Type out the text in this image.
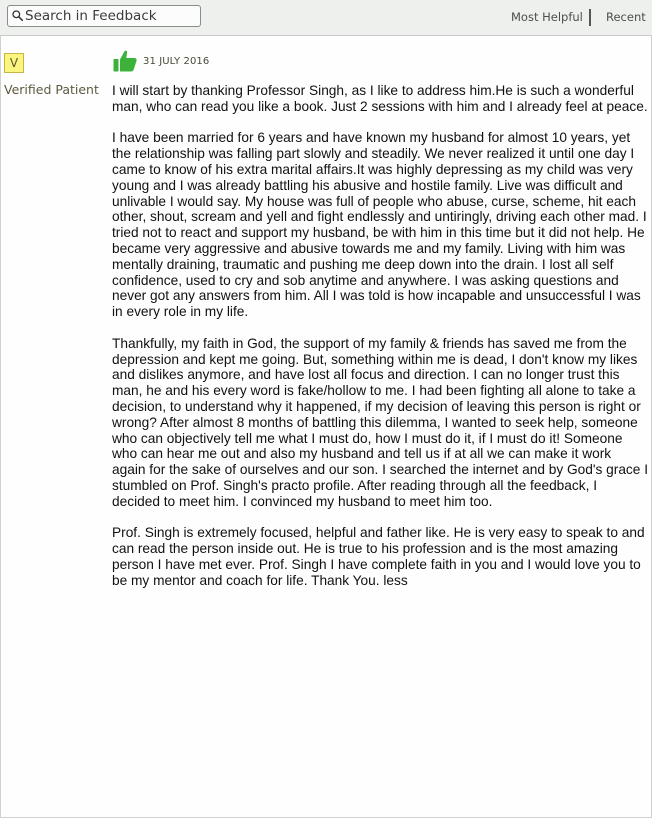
Search in Feedback
Most Helpful Recent
V
Verified Patient
31 JULY 2016

I will start by thanking Professor Singh, as I like to address him.He is such a wonderful man, who can read you like a book. Just 2 sessions with him and I already feel at peace.

I have been married for 6 years and have known my husband for almost 10 years, yet the relationship was falling part slowly and steadily. We never realized it until one day I came to know of his extra marital affairs.It was highly depressing as my child was very young and I was already battling his abusive and hostile family. Live was difficult and unlivable I would say. My house was full of people who abuse, curse, scheme, hit each other, shout, scream and yell and fight endlessly and untiringly, driving each other mad. I tried not to react and support my husband, be with him in this time but it did not help. He became very aggressive and abusive towards me and my family. Living with him was mentally draining, traumatic and pushing me deep down into the drain. I lost all self confidence, used to cry and sob anytime and anywhere. I was asking questions and never got any answers from him. All I was told is how incapable and unsuccessful I was in every role in my life.

Thankfully, my faith in God, the support of my family & friends has saved me from the depression and kept me going. But, something within me is dead, I don't know my likes and dislikes anymore, and have lost all focus and direction. I can no longer trust this man, he and his every word is fake/hollow to me. I had been fighting all alone to take a decision, to understand why it happened, if my decision of leaving this person is right or wrong? After almost 8 months of battling this dilemma, I wanted to seek help, someone who can objectively tell me what I must do, how I must do it, if I must do it! Someone who can hear me out and also my husband and tell us if at all we can make it work again for the sake of ourselves and our son. I searched the internet and by God's grace I stumbled on Prof. Singh's practo profile. After reading through all the feedback, I decided to meet him. I convinced my husband to meet him too.

Prof. Singh is extremely focused, helpful and father like. He is very easy to speak to and can read the person inside out. He is true to his profession and is the most amazing person I have met ever. Prof. Singh I have complete faith in you and I would love you to be my mentor and coach for life. Thank You. less
